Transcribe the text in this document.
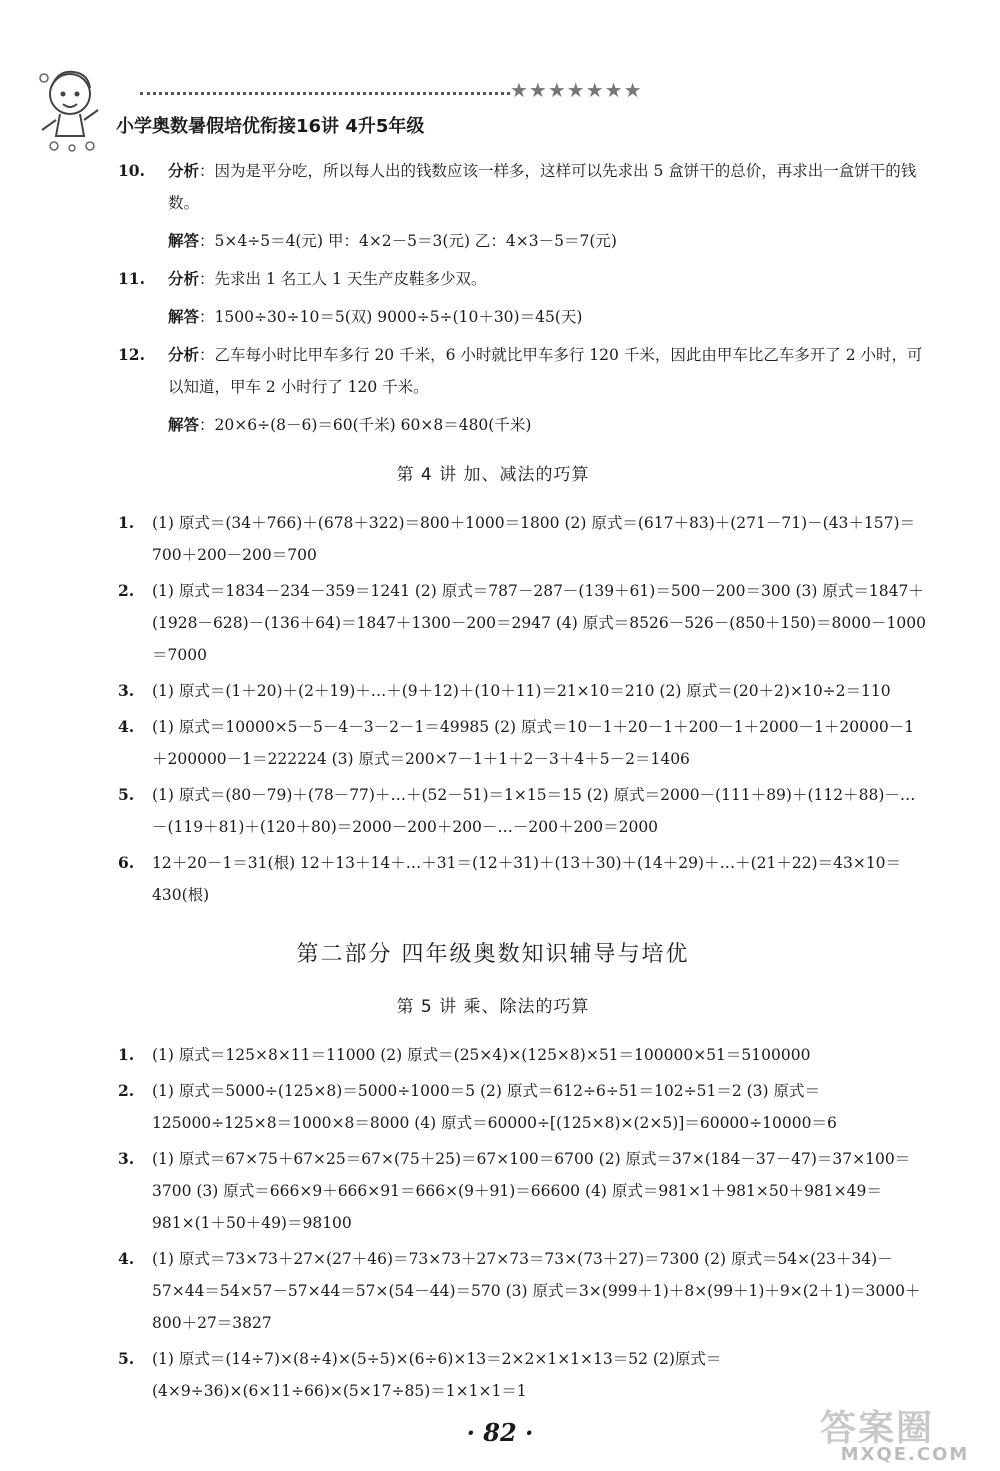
★★★★★★★
小学奥数暑假培优衔接16讲 4升5年级
10. 分析：因为是平分吃，所以每人出的钱数应该一样多，这样可以先求出 5 盒饼干的总价，再求出一盒饼干的钱数。
解答：5×4÷5＝4(元) 甲：4×2－5＝3(元) 乙：4×3－5＝7(元)
11. 分析：先求出 1 名工人 1 天生产皮鞋多少双。
解答：1500÷30÷10＝5(双) 9000÷5÷(10＋30)＝45(天)
12. 分析：乙车每小时比甲车多行 20 千米，6 小时就比甲车多行 120 千米，因此由甲车比乙车多开了 2 小时，可以知道，甲车 2 小时行了 120 千米。
解答：20×6÷(8－6)＝60(千米) 60×8＝480(千米)
第 4 讲 加、减法的巧算
1. (1) 原式＝(34＋766)＋(678＋322)＝800＋1000＝1800 (2) 原式＝(617＋83)＋(271－71)－(43＋157)＝700＋200－200＝700
2. (1) 原式＝1834－234－359＝1241 (2) 原式＝787－287－(139＋61)＝500－200＝300 (3) 原式＝1847＋(1928－628)－(136＋64)＝1847＋1300－200＝2947 (4) 原式＝8526－526－(850＋150)＝8000－1000＝7000
3. (1) 原式＝(1＋20)＋(2＋19)＋…＋(9＋12)＋(10＋11)＝21×10＝210 (2) 原式＝(20＋2)×10÷2＝110
4. (1) 原式＝10000×5－5－4－3－2－1＝49985 (2) 原式＝10－1＋20－1＋200－1＋2000－1＋20000－1＋200000－1＝222224 (3) 原式＝200×7－1＋1＋2－3＋4＋5－2＝1406
5. (1) 原式＝(80－79)＋(78－77)＋…＋(52－51)＝1×15＝15 (2) 原式＝2000－(111＋89)＋(112＋88)－…－(119＋81)＋(120＋80)＝2000－200＋200－…－200＋200＝2000
6. 12＋20－1＝31(根) 12＋13＋14＋…＋31＝(12＋31)＋(13＋30)＋(14＋29)＋…＋(21＋22)＝43×10＝430(根)
第二部分 四年级奥数知识辅导与培优
第 5 讲 乘、除法的巧算
1. (1) 原式＝125×8×11＝11000 (2) 原式＝(25×4)×(125×8)×51＝100000×51＝5100000
2. (1) 原式＝5000÷(125×8)＝5000÷1000＝5 (2) 原式＝612÷6÷51＝102÷51＝2 (3) 原式＝125000÷125×8＝1000×8＝8000 (4) 原式＝60000÷[(125×8)×(2×5)]＝60000÷10000＝6
3. (1) 原式＝67×75＋67×25＝67×(75＋25)＝67×100＝6700 (2) 原式＝37×(184－37－47)＝37×100＝3700 (3) 原式＝666×9＋666×91＝666×(9＋91)＝66600 (4) 原式＝981×1＋981×50＋981×49＝981×(1＋50＋49)＝98100
4. (1) 原式＝73×73＋27×(27＋46)＝73×73＋27×73＝73×(73＋27)＝7300 (2) 原式＝54×(23＋34)－57×44＝54×57－57×44＝57×(54－44)＝570 (3) 原式＝3×(999＋1)＋8×(99＋1)＋9×(2＋1)＝3000＋800＋27＝3827
5. (1) 原式＝(14÷7)×(8÷4)×(5÷5)×(6÷6)×13＝2×2×1×1×13＝52 (2)原式＝(4×9÷36)×(6×11÷66)×(5×17÷85)＝1×1×1＝1
· 82 ·	答案圈
MXQE.COM
